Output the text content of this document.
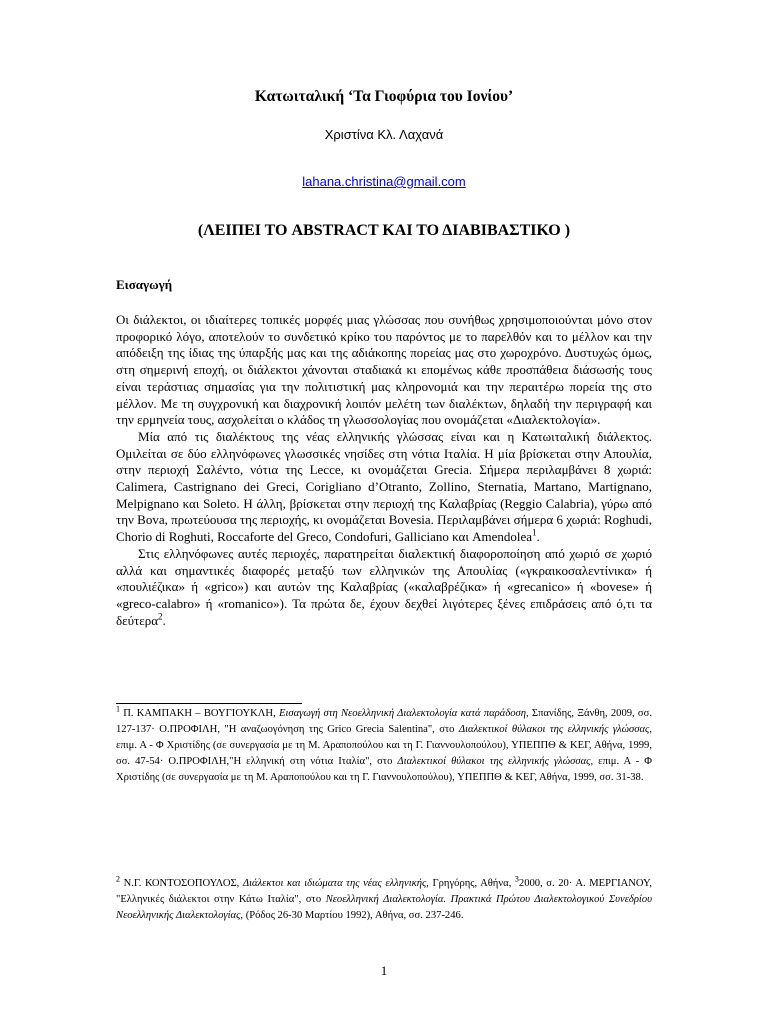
Κατωιταλική ‘Τα Γιοφύρια του Ιονίου’
Χριστίνα Κλ. Λαχανά
lahana.christina@gmail.com
(ΛΕΙΠΕΙ ΤΟ ABSTRACT ΚΑΙ ΤΟ ΔΙΑΒΙΒΑΣΤΙΚΟ )
Εισαγωγή

Οι διάλεκτοι, οι ιδιαίτερες τοπικές μορφές μιας γλώσσας που συνήθως χρησιμοποιούνται μόνο στον προφορικό λόγο, αποτελούν το συνδετικό κρίκο του παρόντος με το παρελθόν και το μέλλον και την απόδειξη της ίδιας της ύπαρξής μας και της αδιάκοπης πορείας μας στο χωροχρόνο. Δυστυχώς όμως, στη σημερινή εποχή, οι διάλεκτοι χάνονται σταδιακά κι επομένως κάθε προσπάθεια διάσωσής τους είναι τεράστιας σημασίας για την πολιτιστική μας κληρονομιά και την περαιτέρω πορεία της στο μέλλον. Με τη συγχρονική και διαχρονική λοιπόν μελέτη των διαλέκτων, δηλαδή την περιγραφή και την ερμηνεία τους, ασχολείται ο κλάδος τη γλωσσολογίας που ονομάζεται «Διαλεκτολογία».

Μία από τις διαλέκτους της νέας ελληνικής γλώσσας είναι και η Κατωιταλική διάλεκτος. Ομιλείται σε δύο ελληνόφωνες γλωσσικές νησίδες στη νότια Ιταλία. Η μία βρίσκεται στην Απουλία, στην περιοχή Σαλέντο, νότια της Lecce, κι ονομάζεται Grecia. Σήμερα περιλαμβάνει 8 χωριά: Calimera, Castrignano dei Greci, Corigliano d’Otranto, Zollino, Sternatia, Martano, Martignano, Melpignano και Soleto. Η άλλη, βρίσκεται στην περιοχή της Καλαβρίας (Reggio Calabria), γύρω από την Bova, πρωτεύουσα της περιοχής, κι ονομάζεται Bovesia. Περιλαμβάνει σήμερα 6 χωριά: Roghudi, Chorio di Roghuti, Roccaforte del Greco, Condofuri, Galliciano και Amendolea$^1$.

Στις ελληνόφωνες αυτές περιοχές, παρατηρείται διαλεκτική διαφοροποίηση από χωριό σε χωριό αλλά και σημαντικές διαφορές μεταξύ των ελληνικών της Απουλίας («γκραικοσαλεντίνικα» ή «πουλιέζικα» ή «grico») και αυτών της Καλαβρίας («καλαβρέζικα» ή «grecanico» ή «bovese» ή «greco-calabro» ή «romanico»). Τα πρώτα δε, έχουν δεχθεί λιγότερες ξένες επιδράσεις από ό,τι τα δεύτερα$^2$.

$^1$ Π. ΚΑΜΠΑΚΗ – ΒΟΥΓΙΟΥΚΛΗ, Εισαγωγή στη Νεοελληνική Διαλεκτολογία κατά παράδοση, Σπανίδης, Ξάνθη, 2009, σσ. 127-137· Ο.ΠΡΟΦΙΛΗ, "Η αναζωογόνηση της Grico Grecia Salentina", στο Διαλεκτικοί θύλακοι της ελληνικής γλώσσας, επιμ. Α - Φ Χριστίδης (σε συνεργασία με τη Μ. Αραποπούλου και τη Γ. Γιαννουλοπούλου), ΥΠΕΠΠΘ & ΚΕΓ, Αθήνα, 1999, σσ. 47-54· Ο.ΠΡΟΦΙΛΗ,"Η ελληνική στη νότια Ιταλία", στο Διαλεκτικοί θύλακοι της ελληνικής γλώσσας, επιμ. Α - Φ Χριστίδης (σε συνεργασία με τη Μ. Αραποπούλου και τη Γ. Γιαννουλοπούλου), ΥΠΕΠΠΘ & ΚΕΓ, Αθήνα, 1999, σσ. 31-38.
$^2$ Ν.Γ. ΚΟΝΤΟΣΟΠΟΥΛΟΣ, Διάλεκτοι και ιδιώματα της νέας ελληνικής, Γρηγόρης, Αθήνα, $^3$2000, σ. 20· Α. ΜΕΡΓΙΑΝΟΥ, "Ελληνικές διάλεκτοι στην Κάτω Ιταλία", στο Νεοελληνική Διαλεκτολογία. Πρακτικά Πρώτου Διαλεκτολογικού Συνεδρίου Νεοελληνικής Διαλεκτολογίας, (Ρόδος 26-30 Μαρτίου 1992), Αθήνα, σσ. 237-246.
1
